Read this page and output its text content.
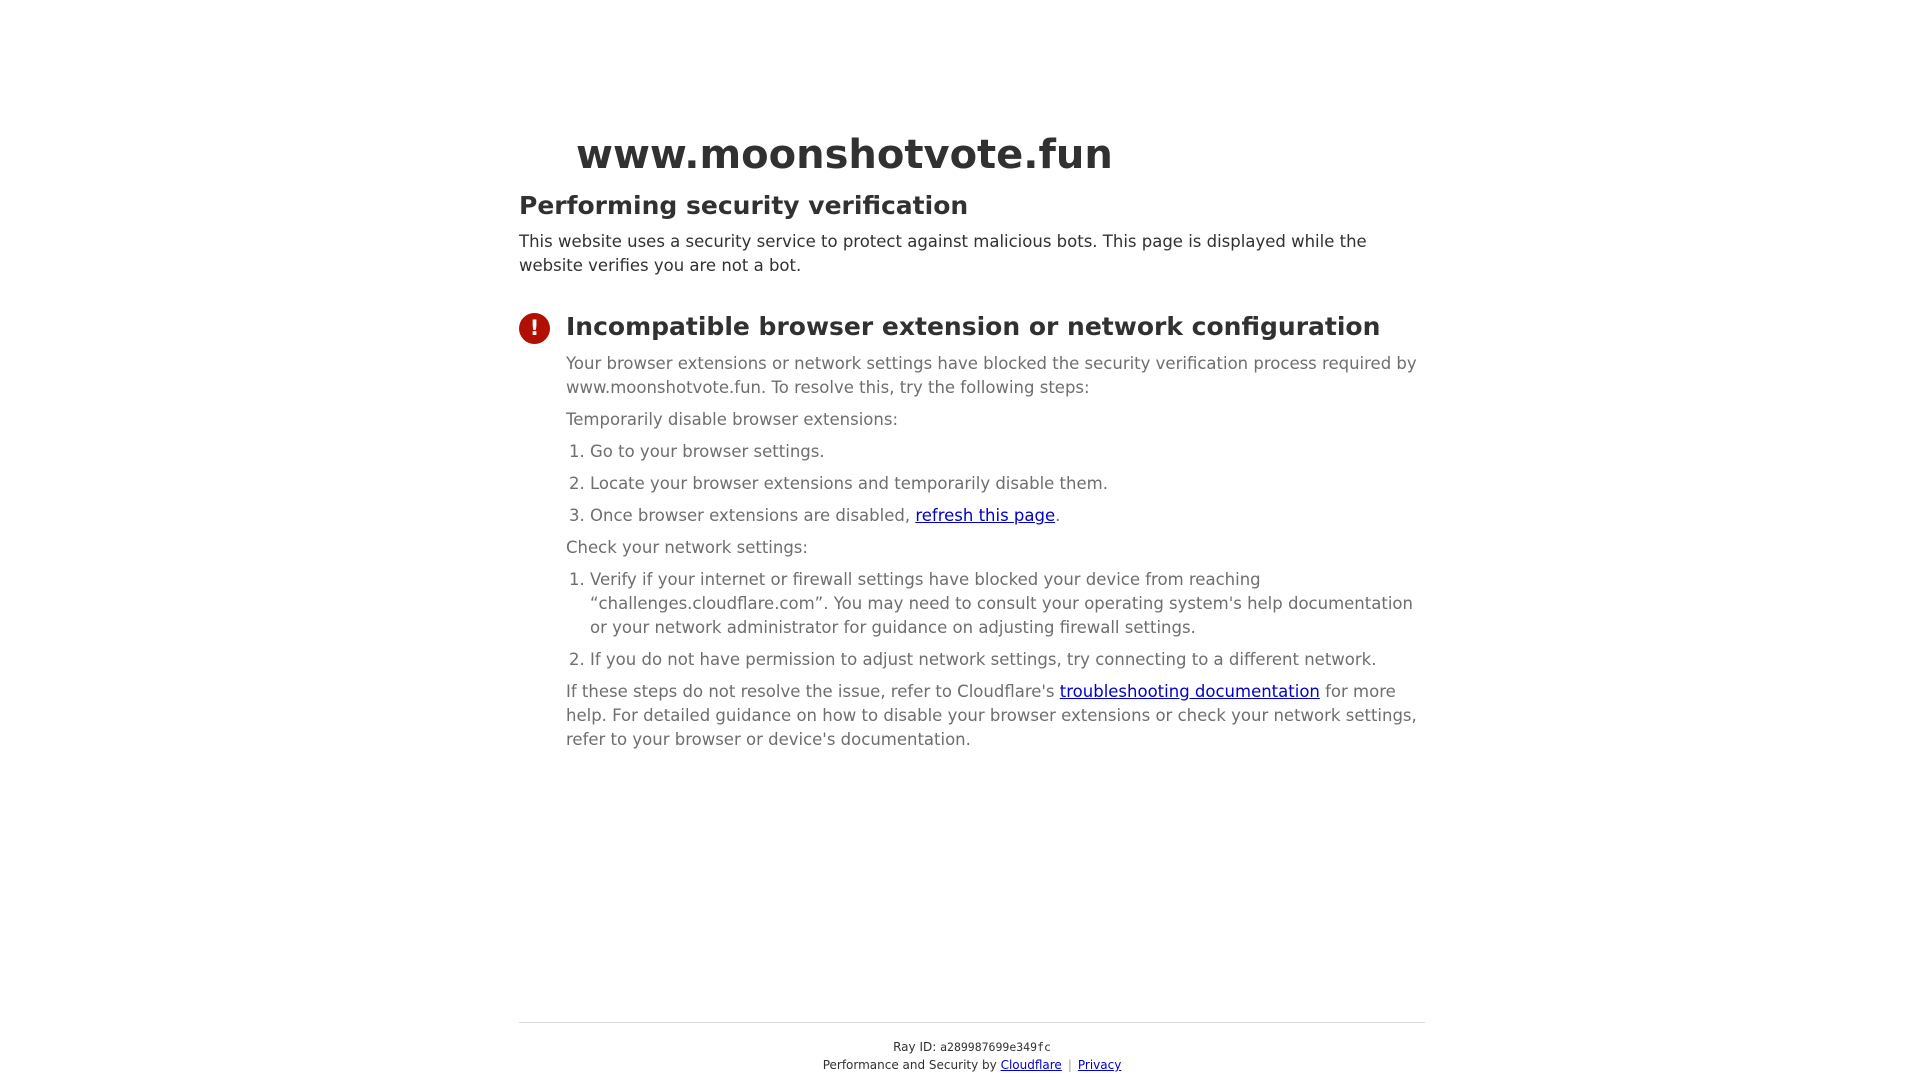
www.moonshotvote.fun
Performing security verification

This website uses a security service to protect against malicious bots. This page is displayed while the website verifies you are not a bot.

!	Incompatible browser extension or network configuration

Your browser extensions or network settings have blocked the security verification process required by www.moonshotvote.fun. To resolve this, try the following steps:

Temporarily disable browser extensions:

1. Go to your browser settings.
2. Locate your browser extensions and temporarily disable them.
3. Once browser extensions are disabled, refresh this page.

Check your network settings:

1. Verify if your internet or firewall settings have blocked your device from reaching “challenges.cloudflare.com”. You may need to consult your operating system's help documentation or your network administrator for guidance on adjusting firewall settings.
2. If you do not have permission to adjust network settings, try connecting to a different network.

If these steps do not resolve the issue, refer to Cloudflare's troubleshooting documentation for more help. For detailed guidance on how to disable your browser extensions or check your network settings, refer to your browser or device's documentation.

Ray ID: a289987699e349fc
Performance and Security by Cloudflare | Privacy
